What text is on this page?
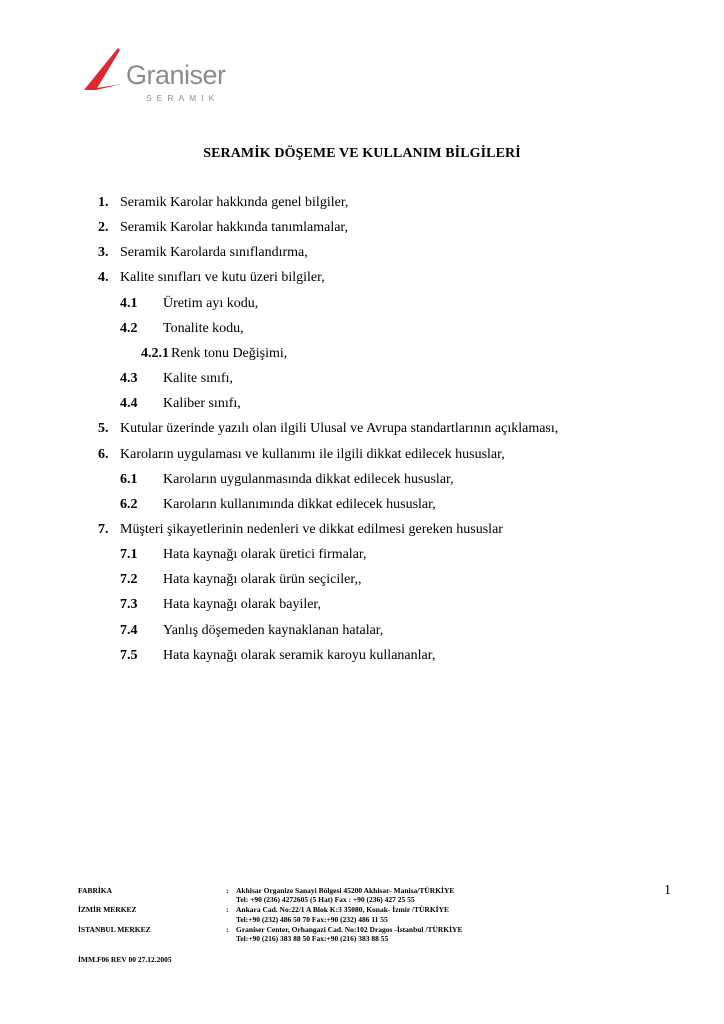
Graniser
SERAMIK
SERAMİK DÖŞEME VE KULLANIM BİLGİLERİ
1. Seramik Karolar hakkında genel bilgiler,
2. Seramik Karolar hakkında tanımlamalar,
3. Seramik Karolarda sınıflandırma,
4. Kalite sınıfları ve kutu üzeri bilgiler,
4.1 Üretim ayı kodu,
4.2 Tonalite kodu,
4.2.1 Renk tonu Değişimi,
4.3 Kalite sınıfı,
4.4 Kaliber sınıfı,
5. Kutular üzerinde yazılı olan ilgili Ulusal ve Avrupa standartlarının açıklaması,
6. Karoların uygulaması ve kullanımı ile ilgili dikkat edilecek hususlar,
6.1 Karoların uygulanmasında dikkat edilecek hususlar,
6.2 Karoların kullanımında dikkat edilecek hususlar,
7. Müşteri şikayetlerinin nedenleri ve dikkat edilmesi gereken hususlar
7.1 Hata kaynağı olarak üretici firmalar,
7.2 Hata kaynağı olarak ürün seçiciler,,
7.3 Hata kaynağı olarak bayiler,
7.4 Yanlış döşemeden kaynaklanan hatalar,
7.5 Hata kaynağı olarak seramik karoyu kullananlar,
FABRİKA	: Akhisar Organize Sanayi Bölgesi 45200 Akhisar- Manisa/TÜRKİYE
Tel: +90 (236) 4272605 (5 Hat) Fax : +90 (236) 427 25 55
İZMİR MERKEZ	: Ankara Cad. No:22/1 A Blok K:3 35080, Konak- İzmir /TÜRKİYE
Tel:+90 (232) 486 50 70 Fax:+90 (232) 486 11 55
İSTANBUL MERKEZ	: Graniser Center, Orhangazi Cad. No:102 Dragos -İstanbul /TÜRKİYE
Tel:+90 (216) 383 88 50 Fax:+90 (216) 383 88 55
İMM.F06 REV 00 27.12.2005
1
